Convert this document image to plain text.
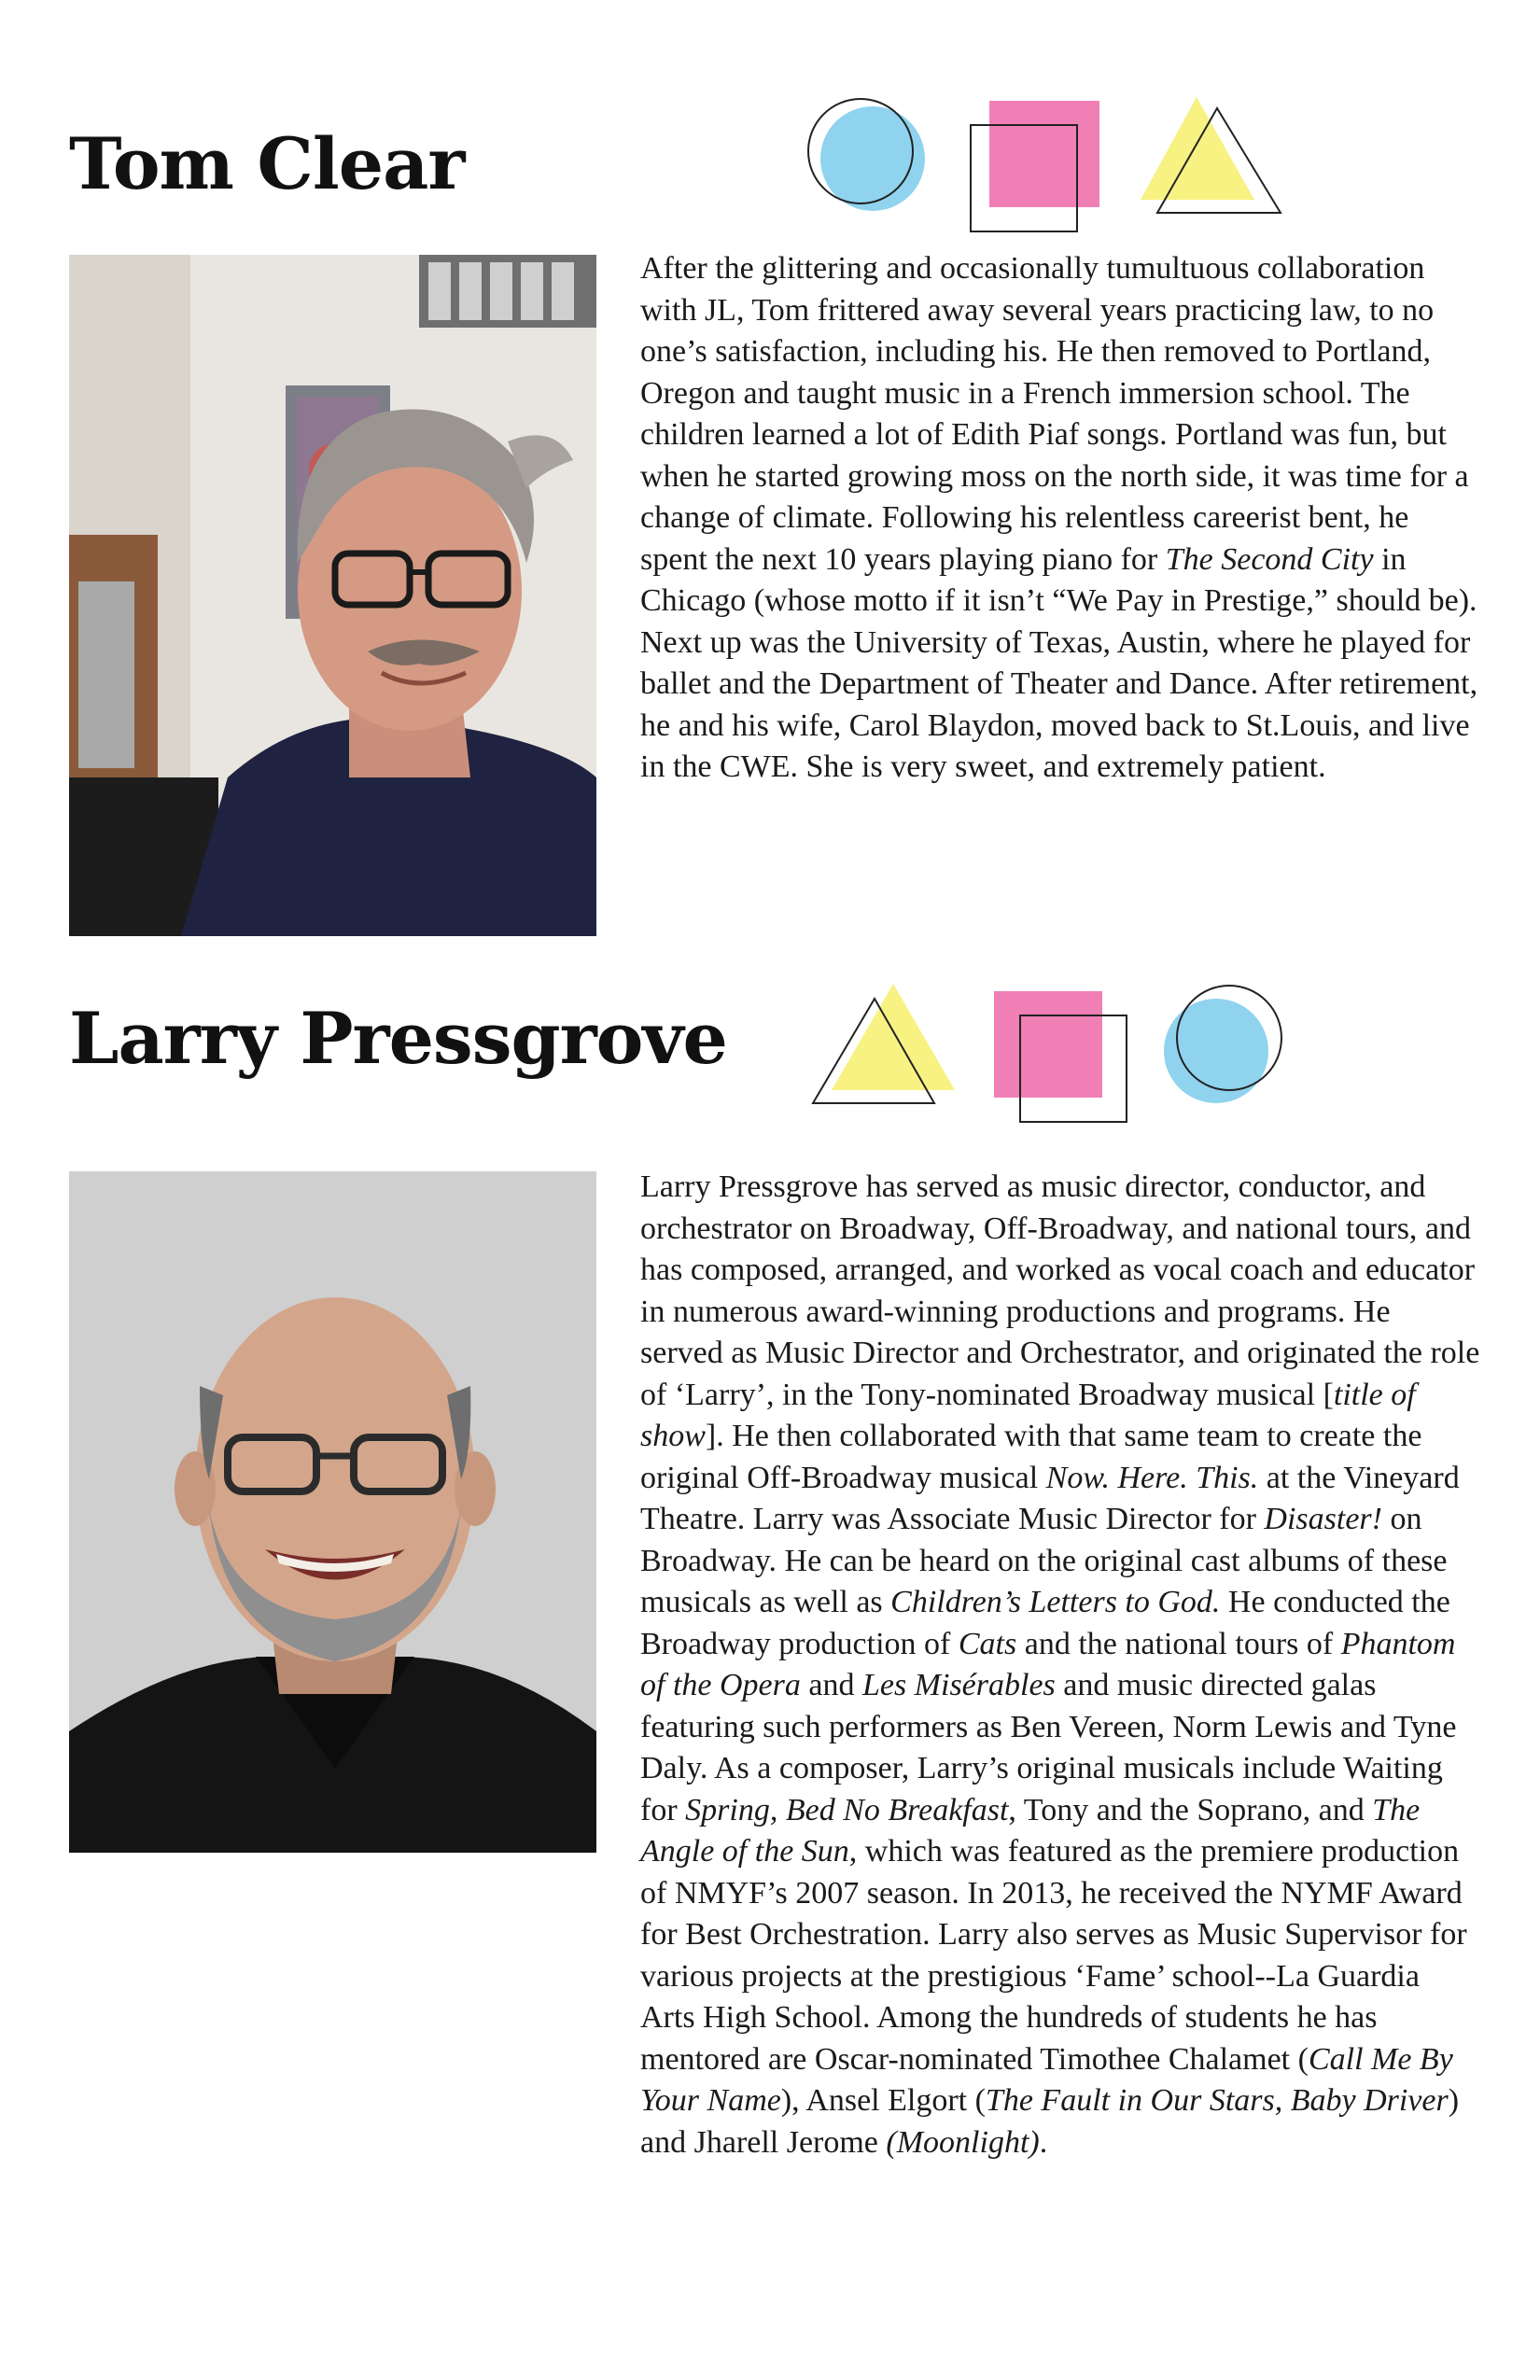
Tom Clear

After the glittering and occasionally tumultuous collaboration with JL, Tom frittered away several years practicing law, to no one’s satisfaction, including his. He then removed to Portland, Oregon and taught music in a French immersion school. The children learned a lot of Edith Piaf songs. Portland was fun, but when he started growing moss on the north side, it was time for a change of climate. Following his relentless careerist bent, he spent the next 10 years playing piano for The Second City in Chicago (whose motto if it isn’t “We Pay in Prestige,” should be). Next up was the University of Texas, Austin, where he played for ballet and the Department of Theater and Dance. After retirement, he and his wife, Carol Blaydon, moved back to St.Louis, and live in the CWE. She is very sweet, and extremely patient.

Larry Pressgrove

Larry Pressgrove has served as music director, conductor, and orchestrator on Broadway, Off-Broadway, and national tours, and has composed, arranged, and worked as vocal coach and educator in numerous award-winning productions and programs. He served as Music Director and Orchestrator, and originated the role of ‘Larry’, in the Tony-nominated Broadway musical [title of show]. He then collaborated with that same team to create the original Off-Broadway musical Now. Here. This. at the Vineyard Theatre. Larry was Associate Music Director for Disaster! on Broadway. He can be heard on the original cast albums of these musicals as well as Children’s Letters to God. He conducted the Broadway production of Cats and the national tours of Phantom of the Opera and Les Misérables and music directed galas featuring such performers as Ben Vereen, Norm Lewis and Tyne Daly. As a composer, Larry’s original musicals include Waiting for Spring, Bed No Breakfast, Tony and the Soprano, and The Angle of the Sun, which was featured as the premiere production of NMYF’s 2007 season. In 2013, he received the NYMF Award for Best Orchestration. Larry also serves as Music Supervisor for various projects at the prestigious ‘Fame’ school--La Guardia Arts High School. Among the hundreds of students he has mentored are Oscar-nominated Timothee Chalamet (Call Me By Your Name), Ansel Elgort (The Fault in Our Stars, Baby Driver) and Jharell Jerome (Moonlight).
